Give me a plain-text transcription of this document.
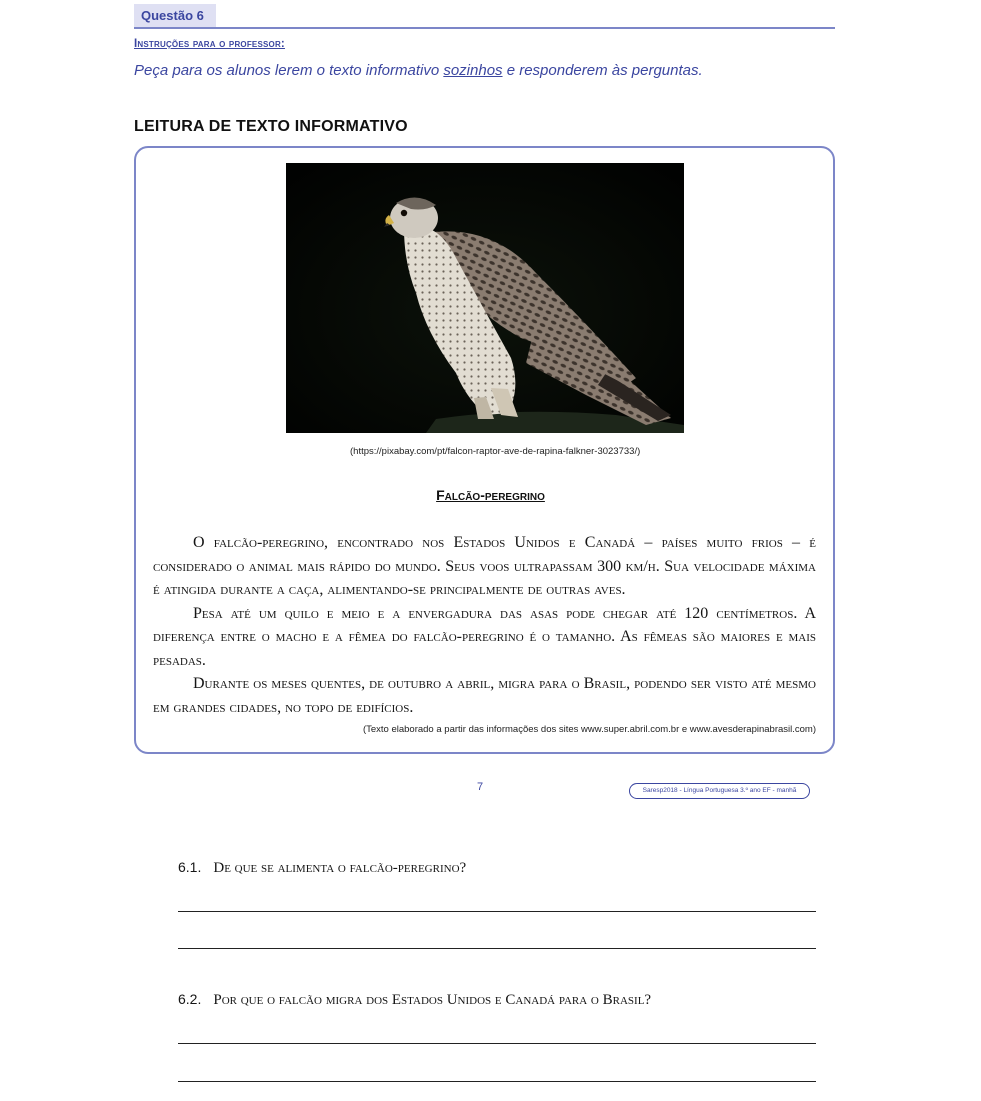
Questão 6
Instruções para o professor:
Peça para os alunos lerem o texto informativo sozinhos e responderem às perguntas.
LEITURA DE TEXTO INFORMATIVO
(https://pixabay.com/pt/falcon-raptor-ave-de-rapina-falkner-3023733/)
Falcão-peregrino

O falcão-peregrino, encontrado nos Estados Unidos e Canadá – países muito frios – é considerado o animal mais rápido do mundo. Seus voos ultrapassam 300 km/h. Sua velocidade máxima é atingida durante a caça, alimentando-se principalmente de outras aves.

Pesa até um quilo e meio e a envergadura das asas pode chegar até 120 centímetros. A diferença entre o macho e a fêmea do falcão-peregrino é o tamanho. As fêmeas são maiores e mais pesadas.

Durante os meses quentes, de outubro a abril, migra para o Brasil, podendo ser visto até mesmo em grandes cidades, no topo de edifícios.

(Texto elaborado a partir das informações dos sites www.super.abril.com.br e www.avesderapinabrasil.com)
7	Saresp2018 - Língua Portuguesa 3.º ano EF - manhã
6.1. De que se alimenta o falcão-peregrino?
6.2. Por que o falcão migra dos Estados Unidos e Canadá para o Brasil?
